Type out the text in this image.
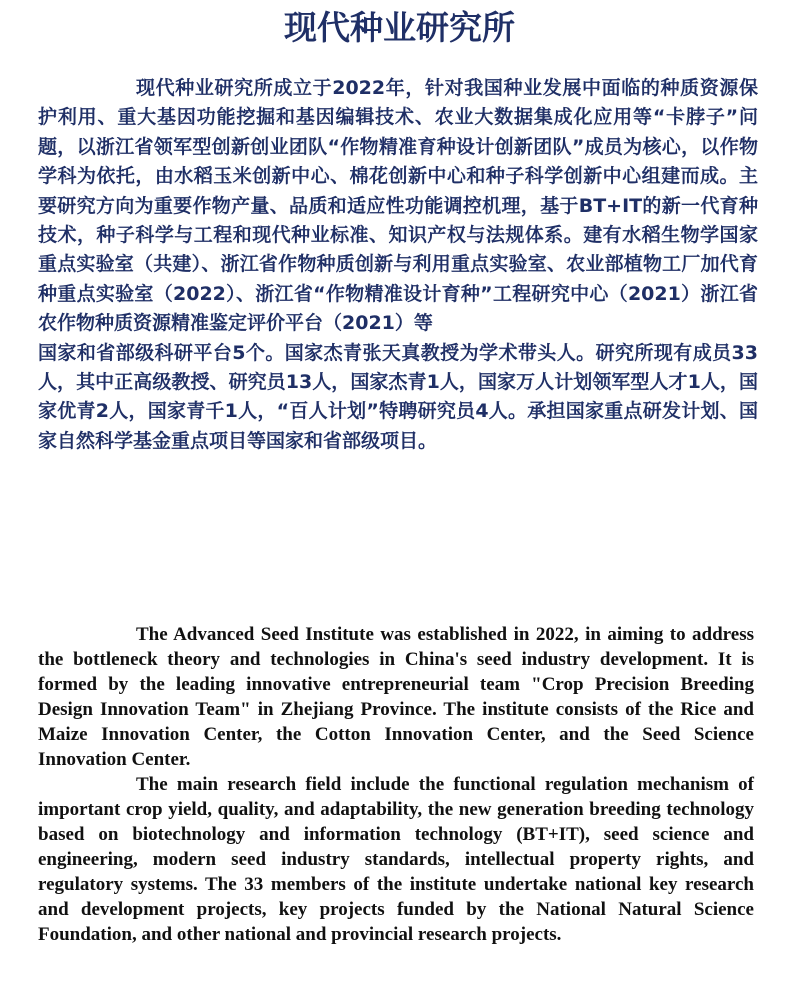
现代种业研究所

现代种业研究所成立于2022年，针对我国种业发展中面临的种质资源保护利用、重大基因功能挖掘和基因编辑技术、农业大数据集成化应用等“卡脖子”问题，以浙江省领军型创新创业团队“作物精准育种设计创新团队”成员为核心，以作物学科为依托，由水稻玉米创新中心、棉花创新中心和种子科学创新中心组建而成。主要研究方向为重要作物产量、品质和适应性功能调控机理，基于BT+IT的新一代育种技术，种子科学与工程和现代种业标准、知识产权与法规体系。建有水稻生物学国家重点实验室（共建）、浙江省作物种质创新与利用重点实验室、农业部植物工厂加代育种重点实验室（2022）、浙江省“作物精准设计育种”工程研究中心（2021）浙江省农作物种质资源精准鉴定评价平台（2021）等

国家和省部级科研平台5个。国家杰青张天真教授为学术带头人。研究所现有成员33人，其中正高级教授、研究员13人，国家杰青1人，国家万人计划领军型人才1人，国家优青2人，国家青千1人，“百人计划”特聘研究员4人。承担国家重点研发计划、国家自然科学基金重点项目等国家和省部级项目。

The Advanced Seed Institute was established in 2022, in aiming to address the bottleneck theory and technologies in China's seed industry development. It is formed by the leading innovative entrepreneurial team "Crop Precision Breeding Design Innovation Team" in Zhejiang Province. The institute consists of the Rice and Maize Innovation Center, the Cotton Innovation Center, and the Seed Science Innovation Center.

The main research field include the functional regulation mechanism of important crop yield, quality, and adaptability, the new generation breeding technology based on biotechnology and information technology (BT+IT), seed science and engineering, modern seed industry standards, intellectual property rights, and regulatory systems. The 33 members of the institute undertake national key research and development projects, key projects funded by the National Natural Science Foundation, and other national and provincial research projects.
